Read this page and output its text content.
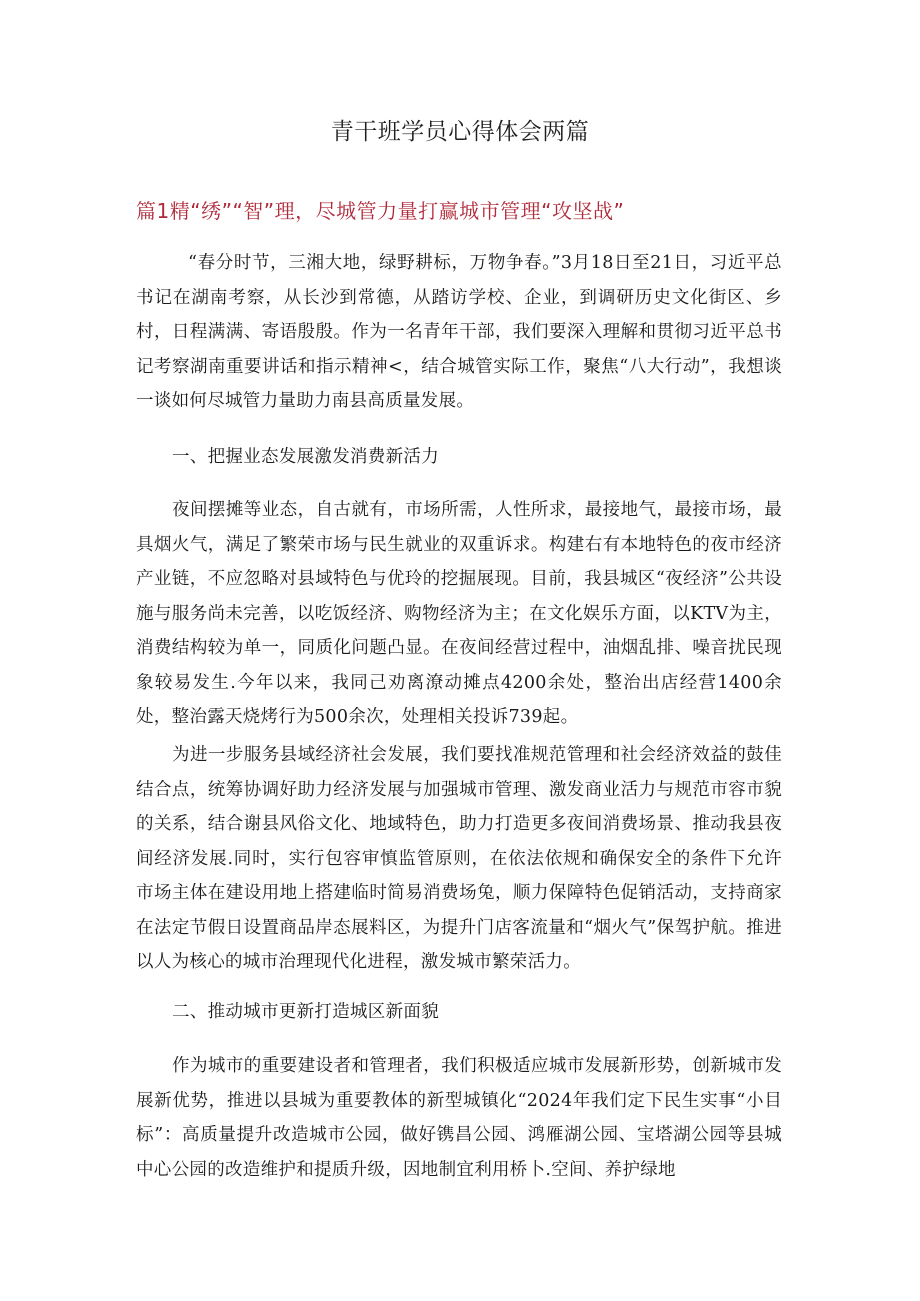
青干班学员心得体会两篇
篇1精“绣”“智”理，尽城管力量打赢城市管理“攻坚战”

“春分时节，三湘大地，绿野耕标，万物争春。”3月18日至21日，习近平总书记在湖南考察，从长沙到常德，从踏访学校、企业，到调研历史文化街区、乡村，日程满满、寄语殷殷。作为一名青年干部，我们要深入理解和贯彻习近平总书记考察湖南重要讲话和指示精神<，结合城管实际工作，聚焦“八大行动”，我想谈一谈如何尽城管力量助力南县高质量发展。

一、把握业态发展激发消费新活力

夜间摆摊等业态，自古就有，市场所需，人性所求，最接地气，最接市场，最具烟火气，满足了繁荣市场与民生就业的双重诉求。构建右有本地特色的夜市经济产业链，不应忽略对县域特色与优玲的挖掘展现。目前，我县城区“夜经济”公共设施与服务尚未完善，以吃饭经济、购物经济为主；在文化娱乐方面，以KTV为主，消费结构较为单一，同质化问题凸显。在夜间经营过程中，油烟乱排、噪音扰民现象较易发生.今年以来，我同己劝离潦动摊点4200余处，整治出店经营1400余处，整治露天烧烤行为500余次，处理相关投诉739起。

为进一步服务县域经济社会发展，我们要找准规范管理和社会经济效益的鼓佳结合点，统筹协调好助力经济发展与加强城市管理、激发商业活力与规范市容市貌的关系，结合谢县风俗文化、地域特色，助力打造更多夜间消费场景、推动我县夜间经济发展.同时，实行包容审慎监管原则，在依法依规和确保安全的条件下允许市场主体在建设用地上搭建临时简易消费场兔，顺力保障特色促销活动，支持商家在法定节假日设置商品岸态展料区，为提升门店客流量和“烟火气”保驾护航。推进以人为核心的城市治理现代化进程，激发城市繁荣活力。

二、推动城市更新打造城区新面貌

作为城市的重要建设者和管理者，我们积极适应城市发展新形势，创新城市发展新优势，推进以县城为重要教体的新型城镇化“2024年我们定下民生实事“小目标”：高质量提升改造城市公园，做好镌昌公园、鸿雁湖公园、宝塔湖公园等县城中心公园的改造维护和提质升级，因地制宜利用桥卜.空间、养护绿地
